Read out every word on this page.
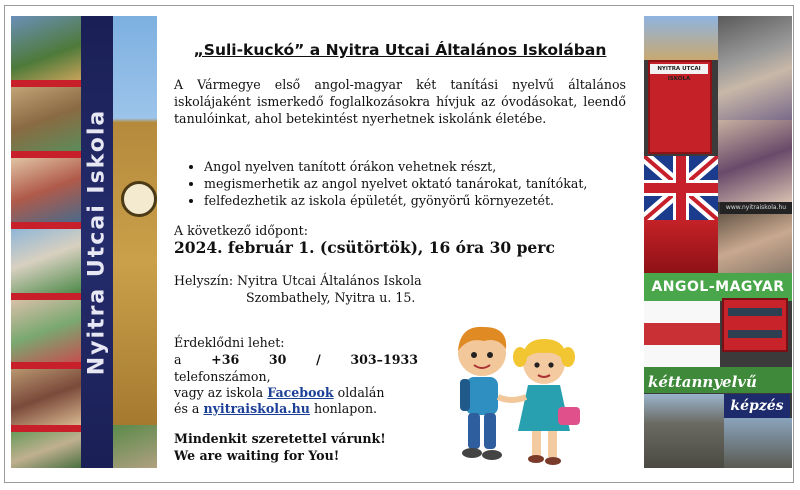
Nyitra Utcai Iskola
„Suli-kuckó” a Nyitra Utcai Általános Iskolában
A Vármegye első angol-magyar két tanítási nyelvű általános iskolájaként ismerkedő foglalkozásokra hívjuk az óvodásokat, leendő tanulóinkat, ahol betekintést nyerhetnek iskolánk életébe.
• Angol nyelven tanított órákon vehetnek részt,
• megismerhetik az angol nyelvet oktató tanárokat, tanítókat,
• felfedezhetik az iskola épületét, gyönyörű környezetét.
A következő időpont:
2024. február 1. (csütörtök), 16 óra 30 perc
Helyszín: Nyitra Utcai Általános Iskola
Szombathely, Nyitra u. 15.
Érdeklődni lehet:
a +36 30 / 303–1933
telefonszámon,
vagy az iskola Facebook oldalán
és a nyitraiskola.hu honlapon.
Mindenkit szeretettel várunk!
We are waiting for You!
NYITRA UTCAI ISKOLA
www.nyitraiskola.hu
ANGOL-MAGYAR
kéttannyelvű
képzés
